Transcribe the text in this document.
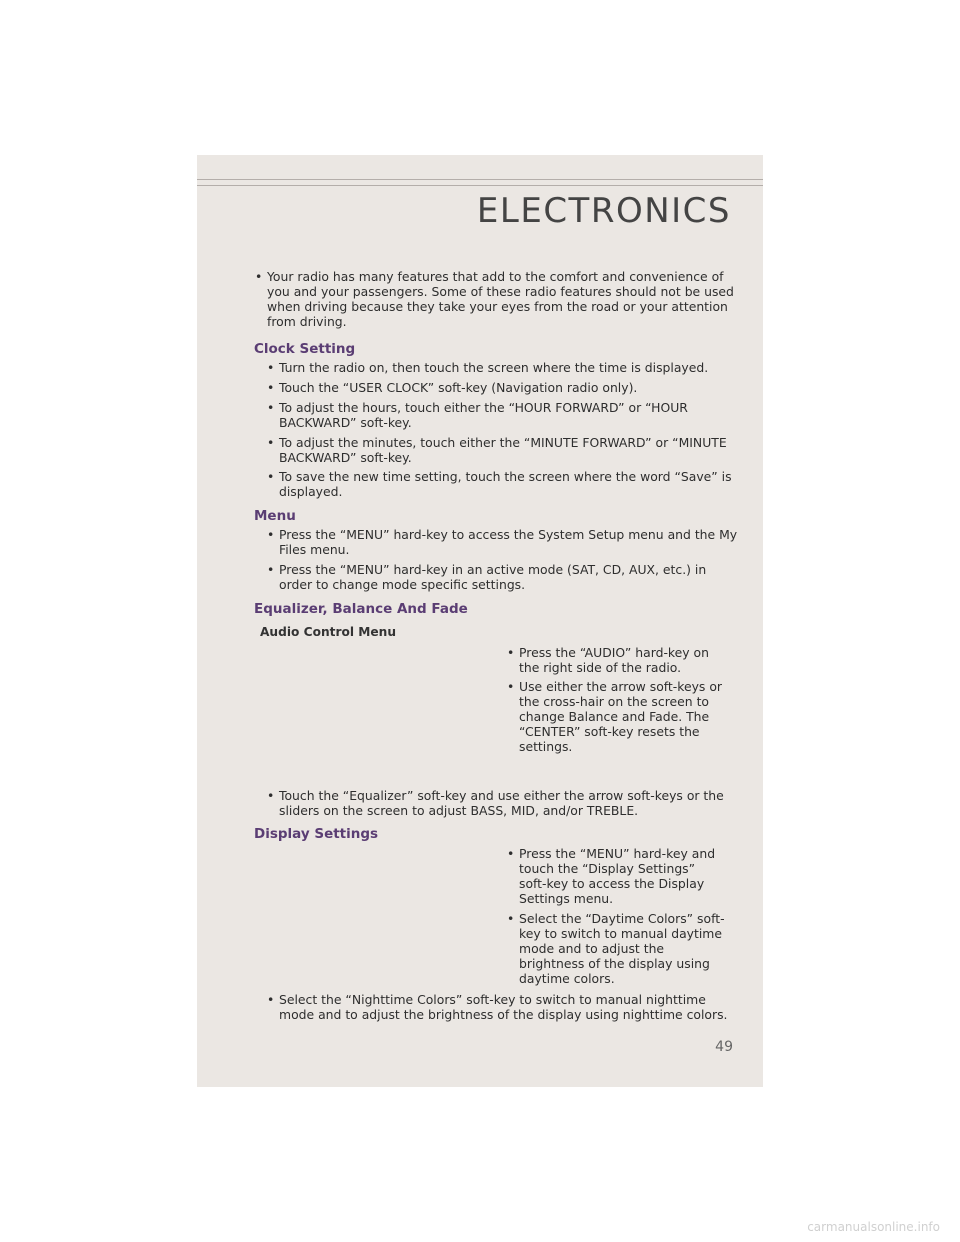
ELECTRONICS

• Your radio has many features that add to the comfort and convenience of you and your passengers. Some of these radio features should not be used when driving because they take your eyes from the road or your attention from driving.

Clock Setting

• Turn the radio on, then touch the screen where the time is displayed.

• Touch the “USER CLOCK” soft-key (Navigation radio only).

• To adjust the hours, touch either the “HOUR FORWARD” or “HOUR BACKWARD” soft-key.

• To adjust the minutes, touch either the “MINUTE FORWARD” or “MINUTE BACKWARD” soft-key.

• To save the new time setting, touch the screen where the word “Save” is displayed.

Menu

• Press the “MENU” hard-key to access the System Setup menu and the My Files menu.

• Press the “MENU” hard-key in an active mode (SAT, CD, AUX, etc.) in order to change mode specific settings.

Equalizer, Balance And Fade

Audio Control Menu

• Press the “AUDIO” hard-key on the right side of the radio.

• Use either the arrow soft-keys or the cross-hair on the screen to change Balance and Fade. The “CENTER” soft-key resets the settings.

• Touch the “Equalizer” soft-key and use either the arrow soft-keys or the sliders on the screen to adjust BASS, MID, and/or TREBLE.

Display Settings

• Press the “MENU” hard-key and touch the “Display Settings” soft-key to access the Display Settings menu.

• Select the “Daytime Colors” soft-key to switch to manual daytime mode and to adjust the brightness of the display using daytime colors.

• Select the “Nighttime Colors” soft-key to switch to manual nighttime mode and to adjust the brightness of the display using nighttime colors.

49
carmanualsonline.info
